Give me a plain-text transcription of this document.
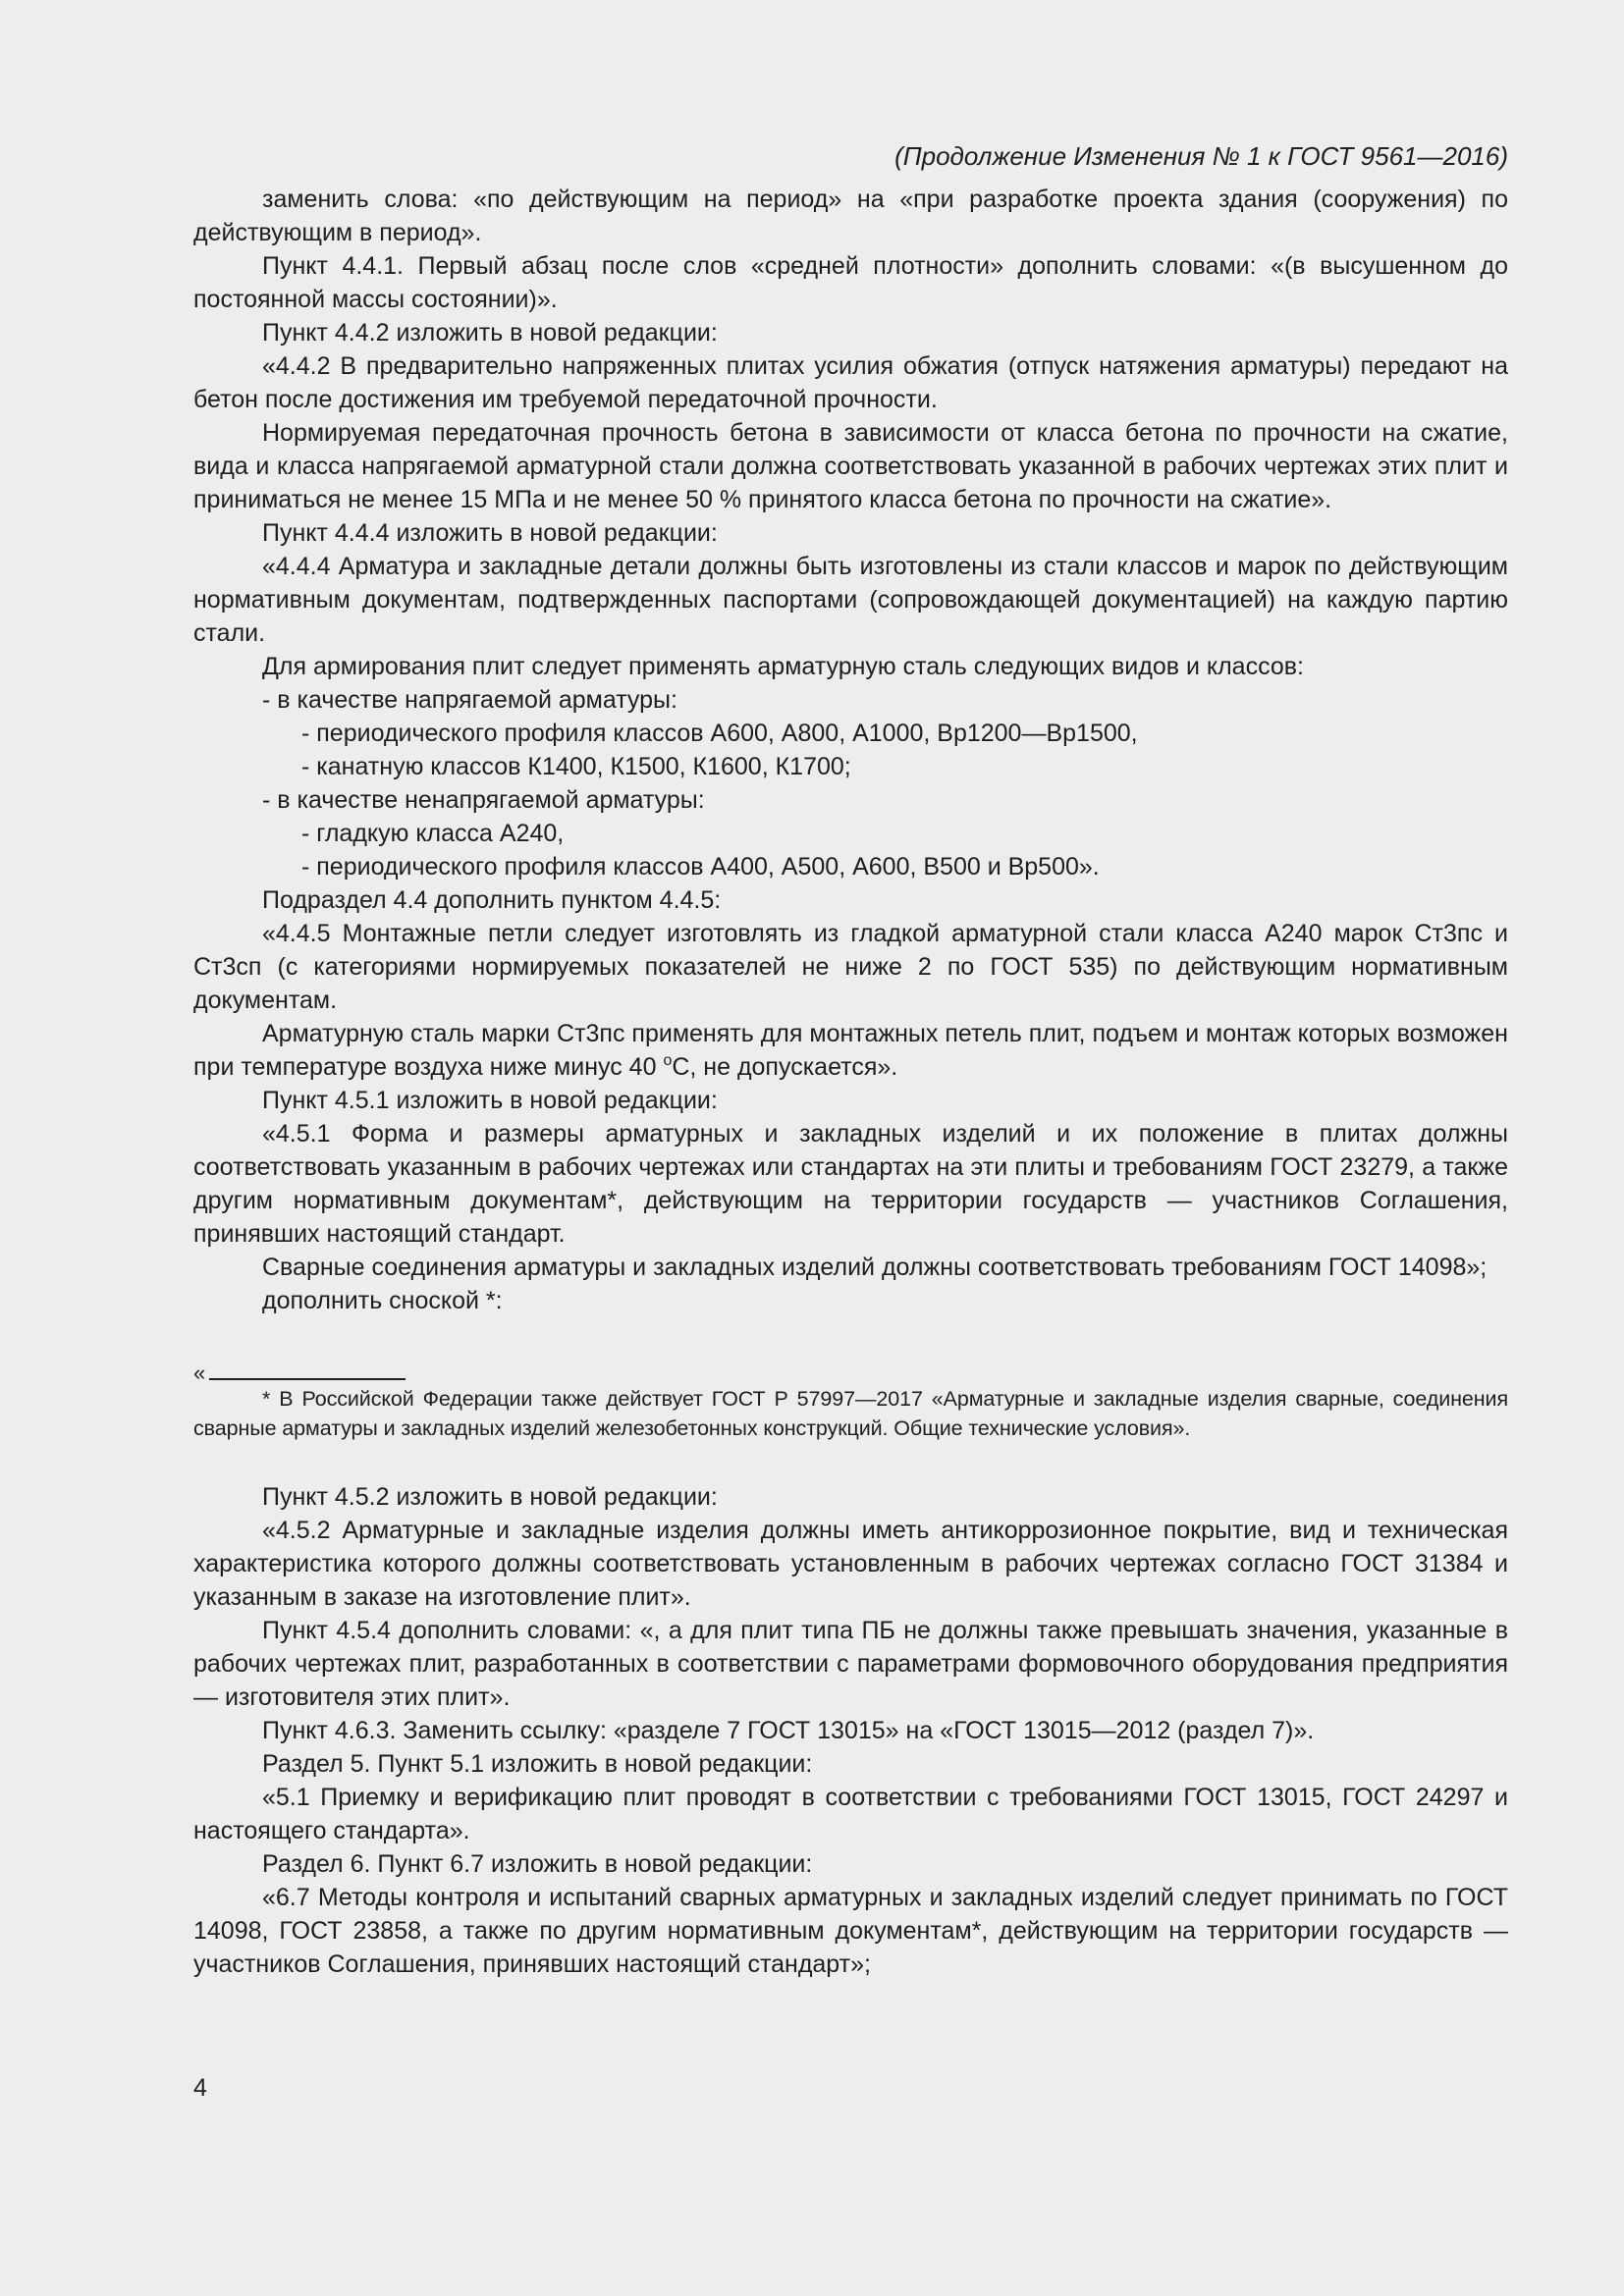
(Продолжение Изменения № 1 к ГОСТ 9561—2016)

заменить слова: «по действующим на период» на «при разработке проекта здания (сооружения) по действующим в период».

Пункт 4.4.1. Первый абзац после слов «средней плотности» дополнить словами: «(в высушенном до постоянной массы состоянии)».

Пункт 4.4.2 изложить в новой редакции:

«4.4.2 В предварительно напряженных плитах усилия обжатия (отпуск натяжения арматуры) передают на бетон после достижения им требуемой передаточной прочности.

Нормируемая передаточная прочность бетона в зависимости от класса бетона по прочности на сжатие, вида и класса напрягаемой арматурной стали должна соответствовать указанной в рабочих чертежах этих плит и приниматься не менее 15 МПа и не менее 50 % принятого класса бетона по прочности на сжатие».

Пункт 4.4.4 изложить в новой редакции:

«4.4.4 Арматура и закладные детали должны быть изготовлены из стали классов и марок по действующим нормативным документам, подтвержденных паспортами (сопровождающей документацией) на каждую партию стали.

Для армирования плит следует применять арматурную сталь следующих видов и классов:

- в качестве напрягаемой арматуры:

- периодического профиля классов А600, А800, А1000, Вр1200—Вр1500,

- канатную классов К1400, К1500, К1600, К1700;

- в качестве ненапрягаемой арматуры:

- гладкую класса А240,

- периодического профиля классов А400, А500, А600, В500 и Вр500».

Подраздел 4.4 дополнить пунктом 4.4.5:

«4.4.5 Монтажные петли следует изготовлять из гладкой арматурной стали класса А240 марок Ст3пс и Ст3сп (с категориями нормируемых показателей не ниже 2 по ГОСТ 535) по действующим нормативным документам.

Арматурную сталь марки Ст3пс применять для монтажных петель плит, подъем и монтаж которых возможен при температуре воздуха ниже минус 40 $^о$С, не допускается».

Пункт 4.5.1 изложить в новой редакции:

«4.5.1 Форма и размеры арматурных и закладных изделий и их положение в плитах должны соответствовать указанным в рабочих чертежах или стандартах на эти плиты и требованиям ГОСТ 23279, а также другим нормативным документам*, действующим на территории государств — участников Соглашения, принявших настоящий стандарт.

Сварные соединения арматуры и закладных изделий должны соответствовать требованиям ГОСТ 14098»;

дополнить сноской *:

«

* В Российской Федерации также действует ГОСТ Р 57997—2017 «Арматурные и закладные изделия сварные, соединения сварные арматуры и закладных изделий железобетонных конструкций. Общие технические условия».

Пункт 4.5.2 изложить в новой редакции:

«4.5.2 Арматурные и закладные изделия должны иметь антикоррозионное покрытие, вид и техническая характеристика которого должны соответствовать установленным в рабочих чертежах согласно ГОСТ 31384 и указанным в заказе на изготовление плит».

Пункт 4.5.4 дополнить словами: «, а для плит типа ПБ не должны также превышать значения, указанные в рабочих чертежах плит, разработанных в соответствии с параметрами формовочного оборудования предприятия — изготовителя этих плит».

Пункт 4.6.3. Заменить ссылку: «разделе 7 ГОСТ 13015» на «ГОСТ 13015—2012 (раздел 7)».

Раздел 5. Пункт 5.1 изложить в новой редакции:

«5.1 Приемку и верификацию плит проводят в соответствии с требованиями ГОСТ 13015, ГОСТ 24297 и настоящего стандарта».

Раздел 6. Пункт 6.7 изложить в новой редакции:

«6.7 Методы контроля и испытаний сварных арматурных и закладных изделий следует принимать по ГОСТ 14098, ГОСТ 23858, а также по другим нормативным документам*, действующим на территории государств — участников Соглашения, принявших настоящий стандарт»;

4
